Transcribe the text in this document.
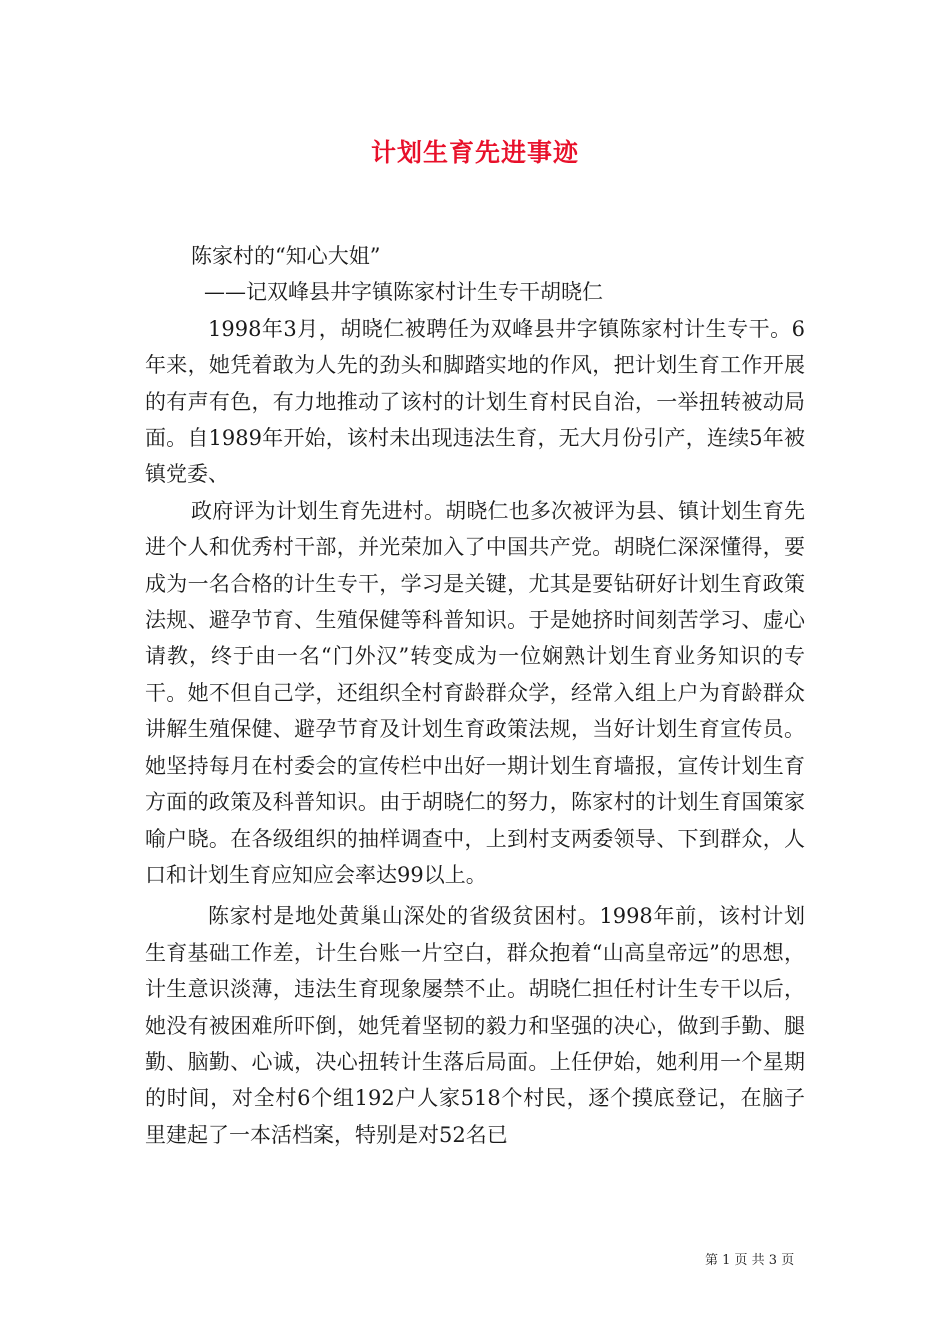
计划生育先进事迹

陈家村的“知心大姐”

——记双峰县井字镇陈家村计生专干胡晓仁

1998年3月，胡晓仁被聘任为双峰县井字镇陈家村计生专干。6年来，她凭着敢为人先的劲头和脚踏实地的作风，把计划生育工作开展的有声有色，有力地推动了该村的计划生育村民自治，一举扭转被动局面。自1989年开始，该村未出现违法生育，无大月份引产，连续5年被镇党委、

政府评为计划生育先进村。胡晓仁也多次被评为县、镇计划生育先进个人和优秀村干部，并光荣加入了中国共产党。胡晓仁深深懂得，要成为一名合格的计生专干，学习是关键，尤其是要钻研好计划生育政策法规、避孕节育、生殖保健等科普知识。于是她挤时间刻苦学习、虚心请教，终于由一名“门外汉”转变成为一位娴熟计划生育业务知识的专干。她不但自己学，还组织全村育龄群众学，经常入组上户为育龄群众讲解生殖保健、避孕节育及计划生育政策法规，当好计划生育宣传员。她坚持每月在村委会的宣传栏中出好一期计划生育墙报，宣传计划生育方面的政策及科普知识。由于胡晓仁的努力，陈家村的计划生育国策家喻户晓。在各级组织的抽样调查中，上到村支两委领导、下到群众，人口和计划生育应知应会率达99以上。

陈家村是地处黄巢山深处的省级贫困村。1998年前，该村计划生育基础工作差，计生台账一片空白，群众抱着“山高皇帝远”的思想，计生意识淡薄，违法生育现象屡禁不止。胡晓仁担任村计生专干以后，她没有被困难所吓倒，她凭着坚韧的毅力和坚强的决心，做到手勤、腿勤、脑勤、心诚，决心扭转计生落后局面。上任伊始，她利用一个星期的时间，对全村6个组192户人家518个村民，逐个摸底登记，在脑子里建起了一本活档案，特别是对52名已

第 1 页 共 3 页
